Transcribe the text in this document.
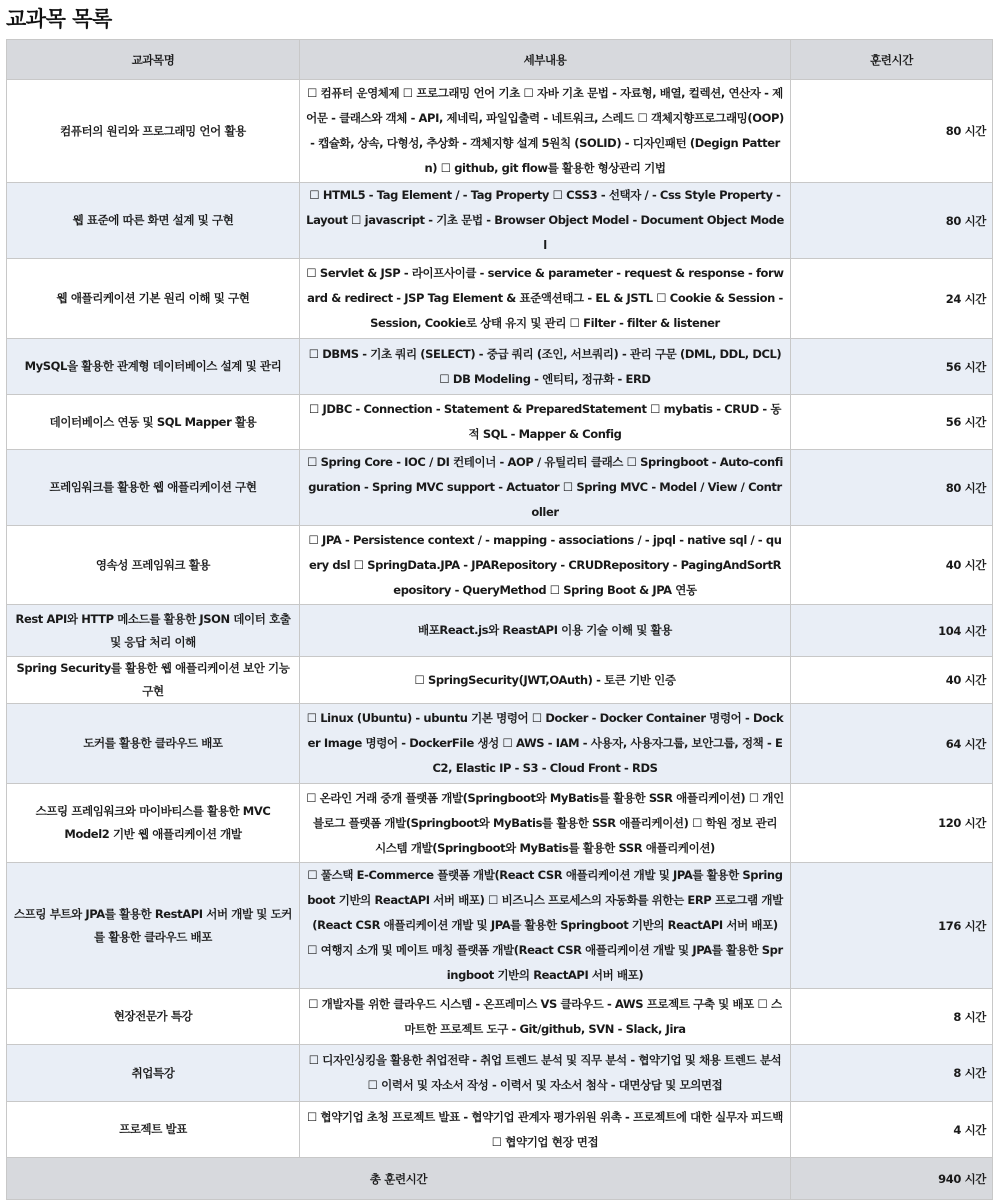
교과목 목록
교과목명	세부내용	훈련시간
컴퓨터의 원리와 프로그래밍 언어 활용	☐ 컴퓨터 운영체제 ☐ 프로그래밍 언어 기초 ☐ 자바 기초 문법 - 자료형, 배열, 컬렉션, 연산자 - 제어문 - 클래스와 객체 - API, 제네릭, 파일입출력 - 네트워크, 스레드 ☐ 객체지향프로그래밍(OOP) - 캡슐화, 상속, 다형성, 추상화 - 객체지향 설계 5원칙 (SOLID) - 디자인패턴 (Degign Pattern) ☐ github, git flow를 활용한 형상관리 기법	80 시간
웹 표준에 따른 화면 설계 및 구현	☐ HTML5 - Tag Element / - Tag Property ☐ CSS3 - 선택자 / - Css Style Property - Layout ☐ javascript - 기초 문법 - Browser Object Model - Document Object Model	80 시간
웹 애플리케이션 기본 원리 이해 및 구현	☐ Servlet & JSP - 라이프사이클 - service & parameter - request & response - forward & redirect - JSP Tag Element & 표준액션태그 - EL & JSTL ☐ Cookie & Session - Session, Cookie로 상태 유지 및 관리 ☐ Filter - filter & listener	24 시간
MySQL을 활용한 관계형 데이터베이스 설계 및 관리	☐ DBMS - 기초 쿼리 (SELECT) - 중급 쿼리 (조인, 서브쿼리) - 관리 구문 (DML, DDL, DCL) ☐ DB Modeling - 엔티티, 정규화 - ERD	56 시간
데이터베이스 연동 및 SQL Mapper 활용	☐ JDBC - Connection - Statement & PreparedStatement ☐ mybatis - CRUD - 동적 SQL - Mapper & Config	56 시간
프레임워크를 활용한 웹 애플리케이션 구현	☐ Spring Core - IOC / DI 컨테이너 - AOP / 유틸리티 클래스 ☐ Springboot - Auto-configuration - Spring MVC support - Actuator ☐ Spring MVC - Model / View / Controller	80 시간
영속성 프레임워크 활용	☐ JPA - Persistence context / - mapping - associations / - jpql - native sql / - query dsl ☐ SpringData.JPA - JPARepository - CRUDRepository - PagingAndSortRepository - QueryMethod ☐ Spring Boot & JPA 연동	40 시간
Rest API와 HTTP 메소드를 활용한 JSON 데이터 호출 및 응답 처리 이해	배포React.js와 ReastAPI 이용 기술 이해 및 활용	104 시간
Spring Security를 활용한 웹 애플리케이션 보안 기능 구현	☐ SpringSecurity(JWT,OAuth) - 토큰 기반 인증	40 시간
도커를 활용한 클라우드 배포	☐ Linux (Ubuntu) - ubuntu 기본 명령어 ☐ Docker - Docker Container 명령어 - Docker Image 명령어 - DockerFile 생성 ☐ AWS - IAM - 사용자, 사용자그룹, 보안그룹, 정책 - EC2, Elastic IP - S3 - Cloud Front - RDS	64 시간
스프링 프레임워크와 마이바티스를 활용한 MVC Model2 기반 웹 애플리케이션 개발	☐ 온라인 거래 중개 플랫폼 개발(Springboot와 MyBatis를 활용한 SSR 애플리케이션) ☐ 개인 블로그 플랫폼 개발(Springboot와 MyBatis를 활용한 SSR 애플리케이션) ☐ 학원 정보 관리 시스템 개발(Springboot와 MyBatis를 활용한 SSR 애플리케이션)	120 시간
스프링 부트와 JPA를 활용한 RestAPI 서버 개발 및 도커를 활용한 클라우드 배포	☐ 풀스택 E-Commerce 플랫폼 개발(React CSR 애플리케이션 개발 및 JPA를 활용한 Springboot 기반의 ReactAPI 서버 배포) ☐ 비즈니스 프로세스의 자동화를 위한는 ERP 프로그램 개발(React CSR 애플리케이션 개발 및 JPA를 활용한 Springboot 기반의 ReactAPI 서버 배포) ☐ 여행지 소개 및 메이트 매칭 플랫폼 개발(React CSR 애플리케이션 개발 및 JPA를 활용한 Springboot 기반의 ReactAPI 서버 배포)	176 시간
현장전문가 특강	☐ 개발자를 위한 클라우드 시스템 - 온프레미스 VS 클라우드 - AWS 프로젝트 구축 및 배포 ☐ 스마트한 프로젝트 도구 - Git/github, SVN - Slack, Jira	8 시간
취업특강	☐ 디자인싱킹을 활용한 취업전략 - 취업 트렌드 분석 및 직무 분석 - 협약기업 및 채용 트렌드 분석 ☐ 이력서 및 자소서 작성 - 이력서 및 자소서 첨삭 - 대면상담 및 모의면접	8 시간
프로젝트 발표	☐ 협약기업 초청 프로젝트 발표 - 협약기업 관계자 평가위원 위촉 - 프로젝트에 대한 실무자 피드백 ☐ 협약기업 현장 면접	4 시간
총 훈련시간		940 시간
